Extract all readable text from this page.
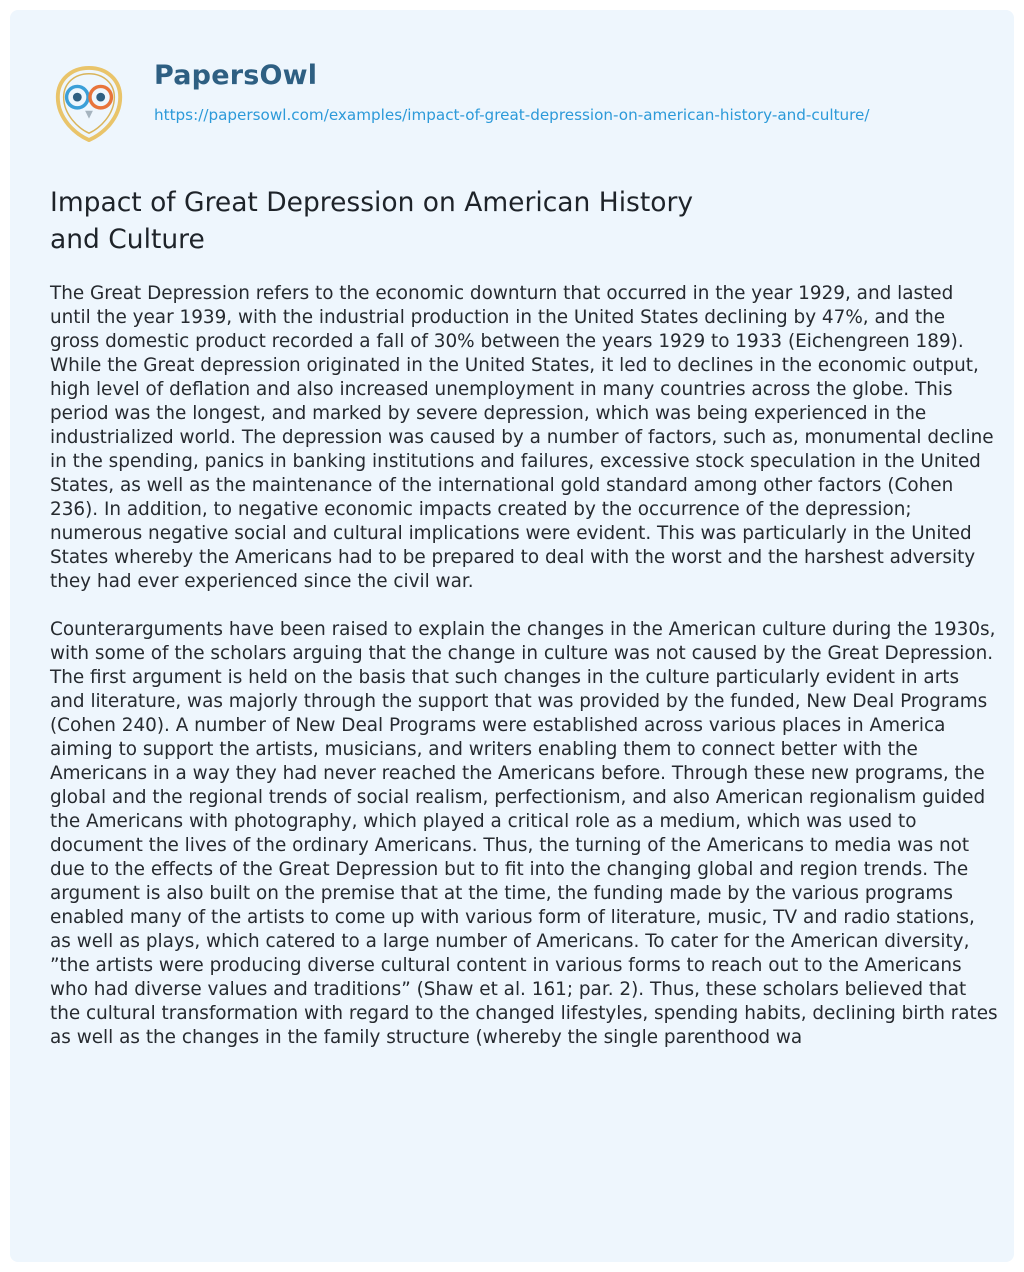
PapersOwl
https://papersowl.com/examples/impact-of-great-depression-on-american-history-and-culture/
Impact of Great Depression on American History and Culture

The Great Depression refers to the economic downturn that occurred in the year 1929, and lasted until the year 1939, with the industrial production in the United States declining by 47%, and the gross domestic product recorded a fall of 30% between the years 1929 to 1933 (Eichengreen 189). While the Great depression originated in the United States, it led to declines in the economic output, high level of deflation and also increased unemployment in many countries across the globe. This period was the longest, and marked by severe depression, which was being experienced in the industrialized world. The depression was caused by a number of factors, such as, monumental decline in the spending, panics in banking institutions and failures, excessive stock speculation in the United States, as well as the maintenance of the international gold standard among other factors (Cohen 236). In addition, to negative economic impacts created by the occurrence of the depression; numerous negative social and cultural implications were evident. This was particularly in the United States whereby the Americans had to be prepared to deal with the worst and the harshest adversity they had ever experienced since the civil war.

Counterarguments have been raised to explain the changes in the American culture during the 1930s, with some of the scholars arguing that the change in culture was not caused by the Great Depression. The first argument is held on the basis that such changes in the culture particularly evident in arts and literature, was majorly through the support that was provided by the funded, New Deal Programs (Cohen 240). A number of New Deal Programs were established across various places in America aiming to support the artists, musicians, and writers enabling them to connect better with the Americans in a way they had never reached the Americans before. Through these new programs, the global and the regional trends of social realism, perfectionism, and also American regionalism guided the Americans with photography, which played a critical role as a medium, which was used to document the lives of the ordinary Americans. Thus, the turning of the Americans to media was not due to the effects of the Great Depression but to fit into the changing global and region trends. The argument is also built on the premise that at the time, the funding made by the various programs enabled many of the artists to come up with various form of literature, music, TV and radio stations, as well as plays, which catered to a large number of Americans. To cater for the American diversity, ”the artists were producing diverse cultural content in various forms to reach out to the Americans who had diverse values and traditions” (Shaw et al. 161; par. 2). Thus, these scholars believed that the cultural transformation with regard to the changed lifestyles, spending habits, declining birth rates as well as the changes in the family structure (whereby the single parenthood wa
